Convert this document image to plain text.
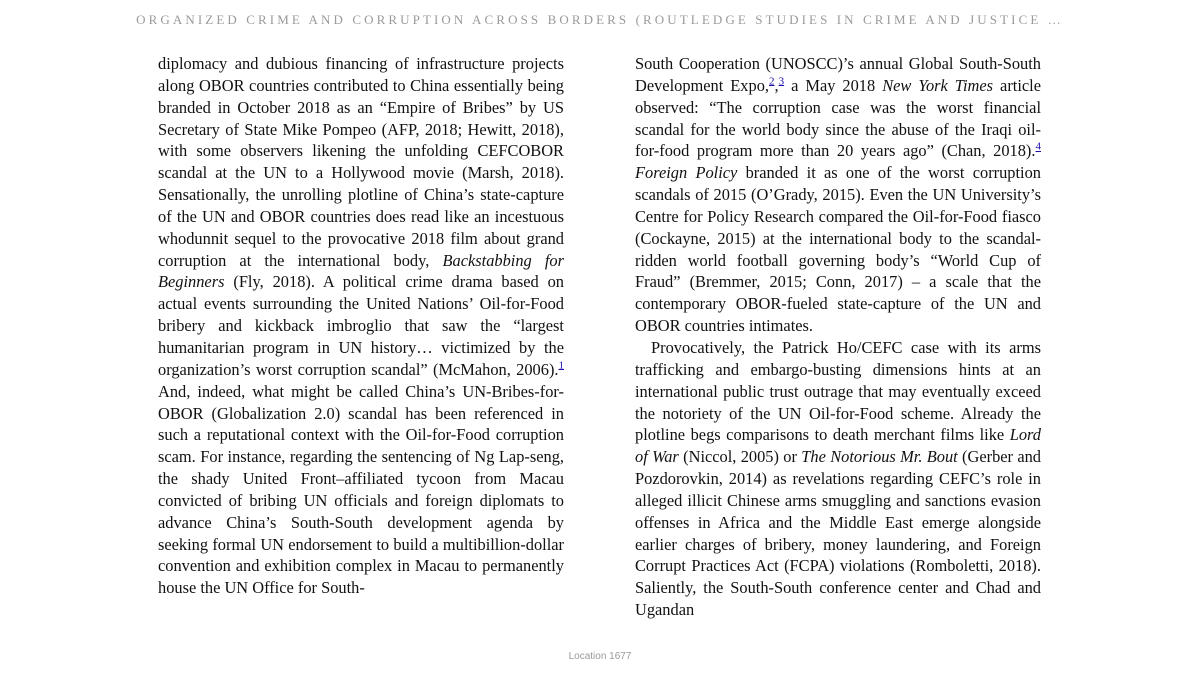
ORGANIZED CRIME AND CORRUPTION ACROSS BORDERS (ROUTLEDGE STUDIES IN CRIME AND JUSTICE …

diplomacy and dubious financing of infrastructure projects along OBOR countries contributed to China essentially being branded in October 2018 as an “Empire of Bribes” by US Secretary of State Mike Pompeo (AFP, 2018; Hewitt, 2018), with some observers likening the unfolding CEFCOBOR scandal at the UN to a Hollywood movie (Marsh, 2018). Sensationally, the unrolling plotline of China’s state-capture of the UN and OBOR countries does read like an incestuous whodunnit sequel to the provocative 2018 film about grand corruption at the international body, Backstabbing for Beginners (Fly, 2018). A political crime drama based on actual events surrounding the United Nations’ Oil-for-Food bribery and kickback imbroglio that saw the “largest humanitarian program in UN history… victimized by the organization’s worst corruption scandal” (McMahon, 2006).$^1$ And, indeed, what might be called China’s UN-Bribes-for-OBOR (Globalization 2.0) scandal has been referenced in such a reputational context with the Oil-for-Food corruption scam. For instance, regarding the sentencing of Ng Lap-seng, the shady United Front–affiliated tycoon from Macau convicted of bribing UN officials and foreign diplomats to advance China’s South-South development agenda by seeking formal UN endorsement to build a multibillion-dollar convention and exhibition complex in Macau to permanently house the UN Office for South-

South Cooperation (UNOSCC)’s annual Global South-South Development Expo,$^2$,$^3$ a May 2018 New York Times article observed: “The corruption case was the worst financial scandal for the world body since the abuse of the Iraqi oil-for-food program more than 20 years ago” (Chan, 2018).$^4$ Foreign Policy branded it as one of the worst corruption scandals of 2015 (O’Grady, 2015). Even the UN University’s Centre for Policy Research compared the Oil-for-Food fiasco (Cockayne, 2015) at the international body to the scandal-ridden world football governing body’s “World Cup of Fraud” (Bremmer, 2015; Conn, 2017) – a scale that the contemporary OBOR-fueled state-capture of the UN and OBOR countries intimates.

Provocatively, the Patrick Ho/CEFC case with its arms trafficking and embargo-busting dimensions hints at an international public trust outrage that may eventually exceed the notoriety of the UN Oil-for-Food scheme. Already the plotline begs comparisons to death merchant films like Lord of War (Niccol, 2005) or The Notorious Mr. Bout (Gerber and Pozdorovkin, 2014) as revelations regarding CEFC’s role in alleged illicit Chinese arms smuggling and sanctions evasion offenses in Africa and the Middle East emerge alongside earlier charges of bribery, money laundering, and Foreign Corrupt Practices Act (FCPA) violations (Romboletti, 2018). Saliently, the South-South conference center and Chad and Ugandan

Location 1677
